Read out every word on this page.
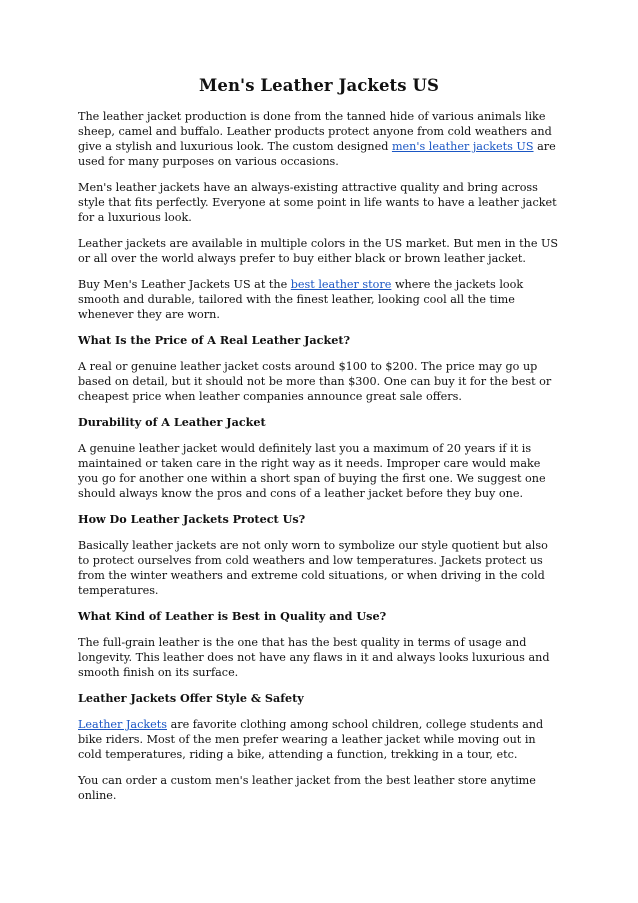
Men's Leather Jackets US

The leather jacket production is done from the tanned hide of various animals like sheep, camel and buffalo. Leather products protect anyone from cold weathers and give a stylish and luxurious look. The custom designed men's leather jackets US are used for many purposes on various occasions.

Men's leather jackets have an always-existing attractive quality and bring across style that fits perfectly. Everyone at some point in life wants to have a leather jacket for a luxurious look.

Leather jackets are available in multiple colors in the US market. But men in the US or all over the world always prefer to buy either black or brown leather jacket.

Buy Men's Leather Jackets US at the best leather store where the jackets look smooth and durable, tailored with the finest leather, looking cool all the time whenever they are worn.

What Is the Price of A Real Leather Jacket?

A real or genuine leather jacket costs around $100 to $200. The price may go up based on detail, but it should not be more than $300. One can buy it for the best or cheapest price when leather companies announce great sale offers.

Durability of A Leather Jacket

A genuine leather jacket would definitely last you a maximum of 20 years if it is maintained or taken care in the right way as it needs. Improper care would make you go for another one within a short span of buying the first one. We suggest one should always know the pros and cons of a leather jacket before they buy one.

How Do Leather Jackets Protect Us?

Basically leather jackets are not only worn to symbolize our style quotient but also to protect ourselves from cold weathers and low temperatures. Jackets protect us from the winter weathers and extreme cold situations, or when driving in the cold temperatures.

What Kind of Leather is Best in Quality and Use?

The full-grain leather is the one that has the best quality in terms of usage and longevity. This leather does not have any flaws in it and always looks luxurious and smooth finish on its surface.

Leather Jackets Offer Style & Safety

Leather Jackets are favorite clothing among school children, college students and bike riders. Most of the men prefer wearing a leather jacket while moving out in cold temperatures, riding a bike, attending a function, trekking in a tour, etc.

You can order a custom men's leather jacket from the best leather store anytime online.
